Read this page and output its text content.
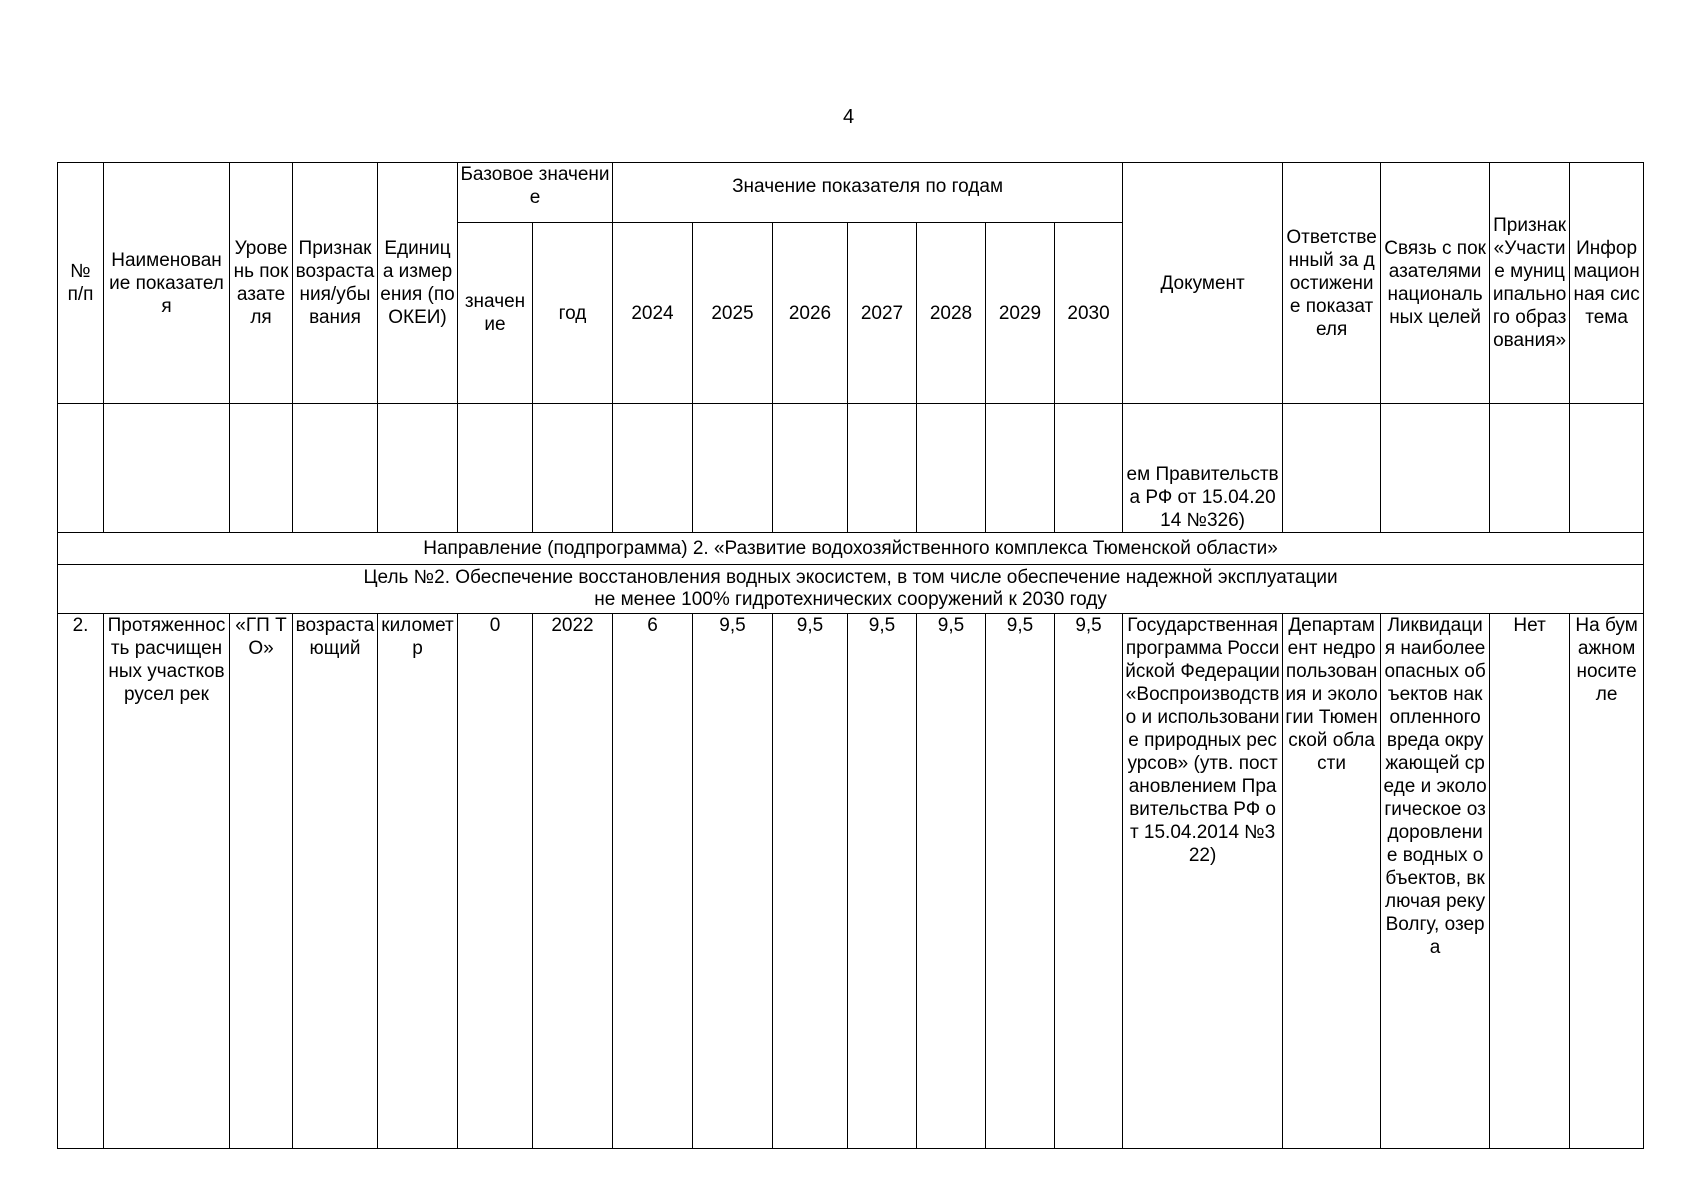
4
№ п/п	Наименование показателя	Уровень показателя	Признак возрастания/убывания	Единица измерения (по ОКЕИ)	Базовое значение		Значение показателя по годам							Документ	Ответственный за достижение показателя	Связь с показателями национальных целей	Признак «Участие муниципального образования»	Информационная система
					значение	год	2024	2025	2026	2027	2028	2029	2030					
														ем Правительства РФ от 15.04.2014 №326)				
Направление (подпрограмма) 2. «Развитие водохозяйственного комплекса Тюменской области»																		

Цель №2. Обеспечение восстановления водных экосистем, в том числе обеспечение надежной эксплуатации
не менее 100% гидротехнических сооружений к 2030 году																		

2.	Протяженность расчищенных участков русел рек	«ГП ТО»	возрастающий	километр	0	2022	6	9,5	9,5	9,5	9,5	9,5	9,5	Государственная программа Российской Федерации «Воспроизводство и использование природных ресурсов» (утв. постановлением Правительства РФ от 15.04.2014 №322)	Департамент недропользования и экологии Тюменской области	Ликвидация наиболее опасных объектов накопленного вреда окружающей среде и экологическое оздоровление водных объектов, включая реку Волгу, озера	Нет	На бумажном носителе
